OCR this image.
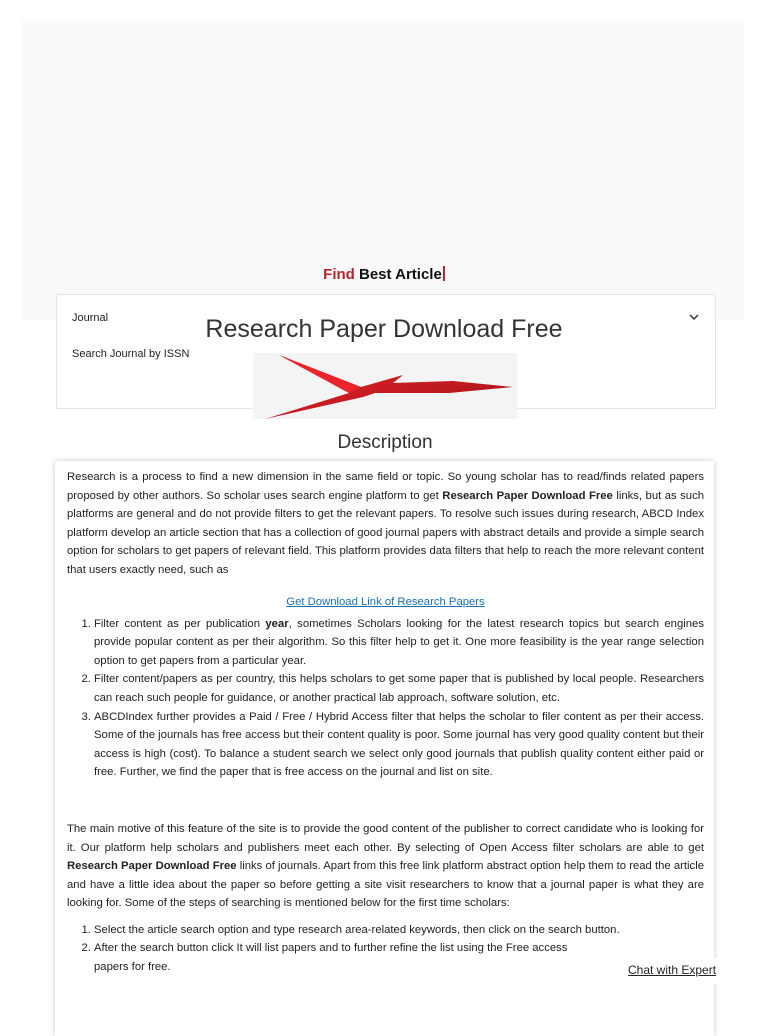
Find Best Article
Journal
Search Journal by ISSN
Research Paper Download Free
Description

Research is a process to find a new dimension in the same field or topic. So young scholar has to read/finds related papers proposed by other authors. So scholar uses search engine platform to get Research Paper Download Free links, but as such platforms are general and do not provide filters to get the relevant papers. To resolve such issues during research, ABCD Index platform develop an article section that has a collection of good journal papers with abstract details and provide a simple search option for scholars to get papers of relevant field. This platform provides data filters that help to reach the more relevant content that users exactly need, such as

Get Download Link of Research Papers
1. Filter content as per publication year, sometimes Scholars looking for the latest research topics but search engines provide popular content as per their algorithm. So this filter help to get it. One more feasibility is the year range selection option to get papers from a particular year.
2. Filter content/papers as per country, this helps scholars to get some paper that is published by local people. Researchers can reach such people for guidance, or another practical lab approach, software solution, etc.
3. ABCDIndex further provides a Paid / Free / Hybrid Access filter that helps the scholar to filer content as per their access. Some of the journals has free access but their content quality is poor. Some journal has very good quality content but their access is high (cost). To balance a student search we select only good journals that publish quality content either paid or free. Further, we find the paper that is free access on the journal and list on site.

The main motive of this feature of the site is to provide the good content of the publisher to correct candidate who is looking for it. Our platform help scholars and publishers meet each other. By selecting of Open Access filter scholars are able to get Research Paper Download Free links of journals. Apart from this free link platform abstract option help them to read the article and have a little idea about the paper so before getting a site visit researchers to know that a journal paper is what they are looking for. Some of the steps of searching is mentioned below for the first time scholars:

1. Select the article search option and type research area-related keywords, then click on the search button.
2. After the search button click It will list papers and to further refine the list using the Free access papers for free.	Chat with Expert
